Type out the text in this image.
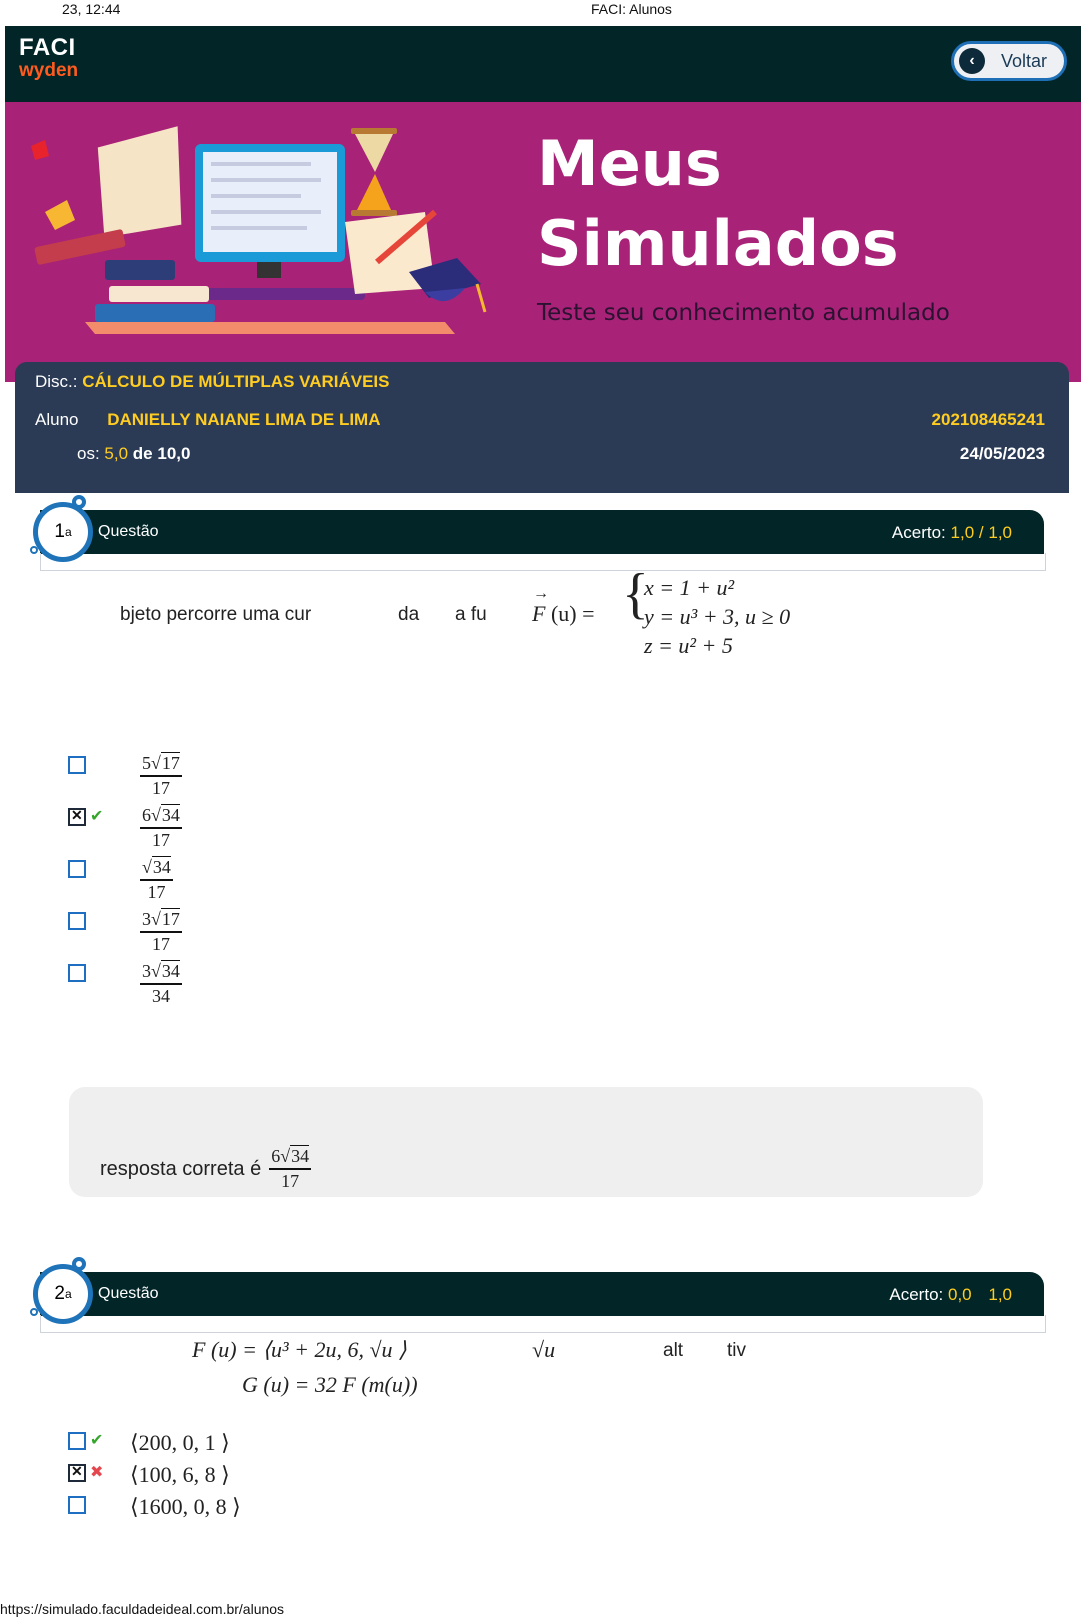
23, 12:44	FACI: Alunos
FACI
wyden	‹	Voltar
Meus
Simulados
Teste seu conhecimento acumulado
Disc.: CÁLCULO DE MÚLTIPLAS VARIÁVEIS
Aluno DANIELLY NAIANE LIMA DE LIMA	202108465241
os: 5,0 de 10,0	24/05/2023
Questão	Acerto: 1,0 / 1,0
1 a
bjeto percorre uma cur	da a fu
→
F (u) = {
x = 1 + u²
y = u³ + 3, u ≥ 0
z = u² + 5
$\frac{5√17}{17}$
✕
✔	$\frac{6√34}{17}$
$\frac{√34}{17}$
$\frac{3√17}{17}$
$\frac{3√34}{34}$
resposta correta é $\frac{6√34}{17}$
Questão	Acerto: 0,0 1,0
2 a
F (u) = ⟨u³ + 2u, 6, √u ⟩	√u	alt tiv
G (u) = 32 F (m(u))
✔ ⟨200, 0, 1 ⟩
✕
✖ ⟨100, 6, 8 ⟩
⟨1600, 0, 8 ⟩
https://simulado.faculdadeideal.com.br/alunos
